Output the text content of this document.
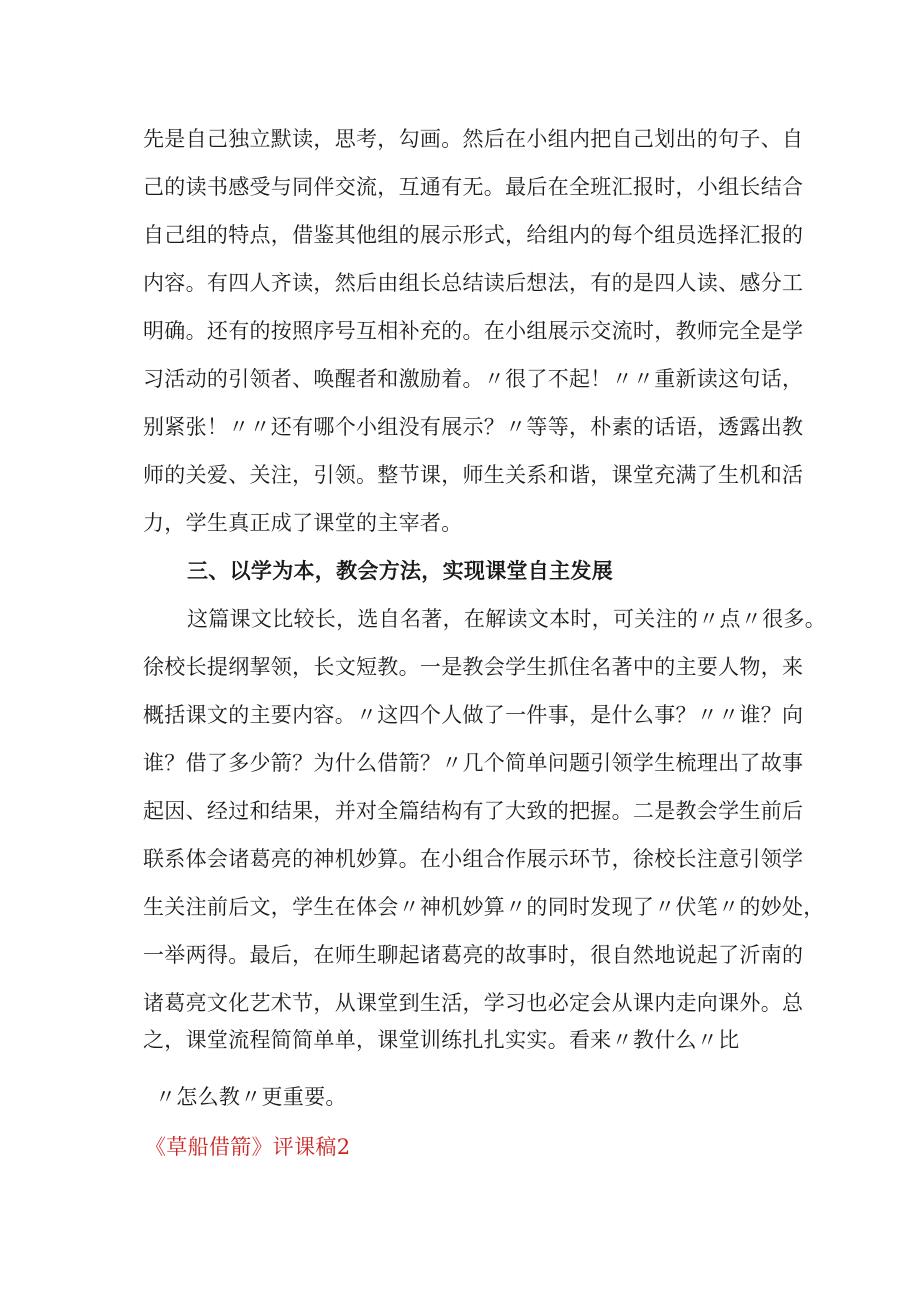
先是自己独立默读，思考，勾画。然后在小组内把自己划出的句子、自
己的读书感受与同伴交流，互通有无。最后在全班汇报时，小组长结合
自己组的特点，借鉴其他组的展示形式，给组内的每个组员选择汇报的
内容。有四人齐读，然后由组长总结读后想法，有的是四人读、感分工
明确。还有的按照序号互相补充的。在小组展示交流时，教师完全是学
习活动的引领者、唤醒者和激励着。〃很了不起！〃〃重新读这句话，
别紧张！〃〃还有哪个小组没有展示？〃等等，朴素的话语，透露出教
师的关爱、关注，引领。整节课，师生关系和谐，课堂充满了生机和活
力，学生真正成了课堂的主宰者。
三、以学为本，教会方法，实现课堂自主发展
这篇课文比较长，选自名著，在解读文本时，可关注的〃点〃很多。
徐校长提纲挈领，长文短教。一是教会学生抓住名著中的主要人物，来
概括课文的主要内容。〃这四个人做了一件事，是什么事？〃〃谁？向
谁？借了多少箭？为什么借箭？〃几个简单问题引领学生梳理出了故事
起因、经过和结果，并对全篇结构有了大致的把握。二是教会学生前后
联系体会诸葛亮的神机妙算。在小组合作展示环节，徐校长注意引领学
生关注前后文，学生在体会〃神机妙算〃的同时发现了〃伏笔〃的妙处，
一举两得。最后，在师生聊起诸葛亮的故事时，很自然地说起了沂南的
诸葛亮文化艺术节，从课堂到生活，学习也必定会从课内走向课外。总
之，课堂流程简简单单，课堂训练扎扎实实。看来〃教什么〃比
〃怎么教〃更重要。
《草船借箭》评课稿2
